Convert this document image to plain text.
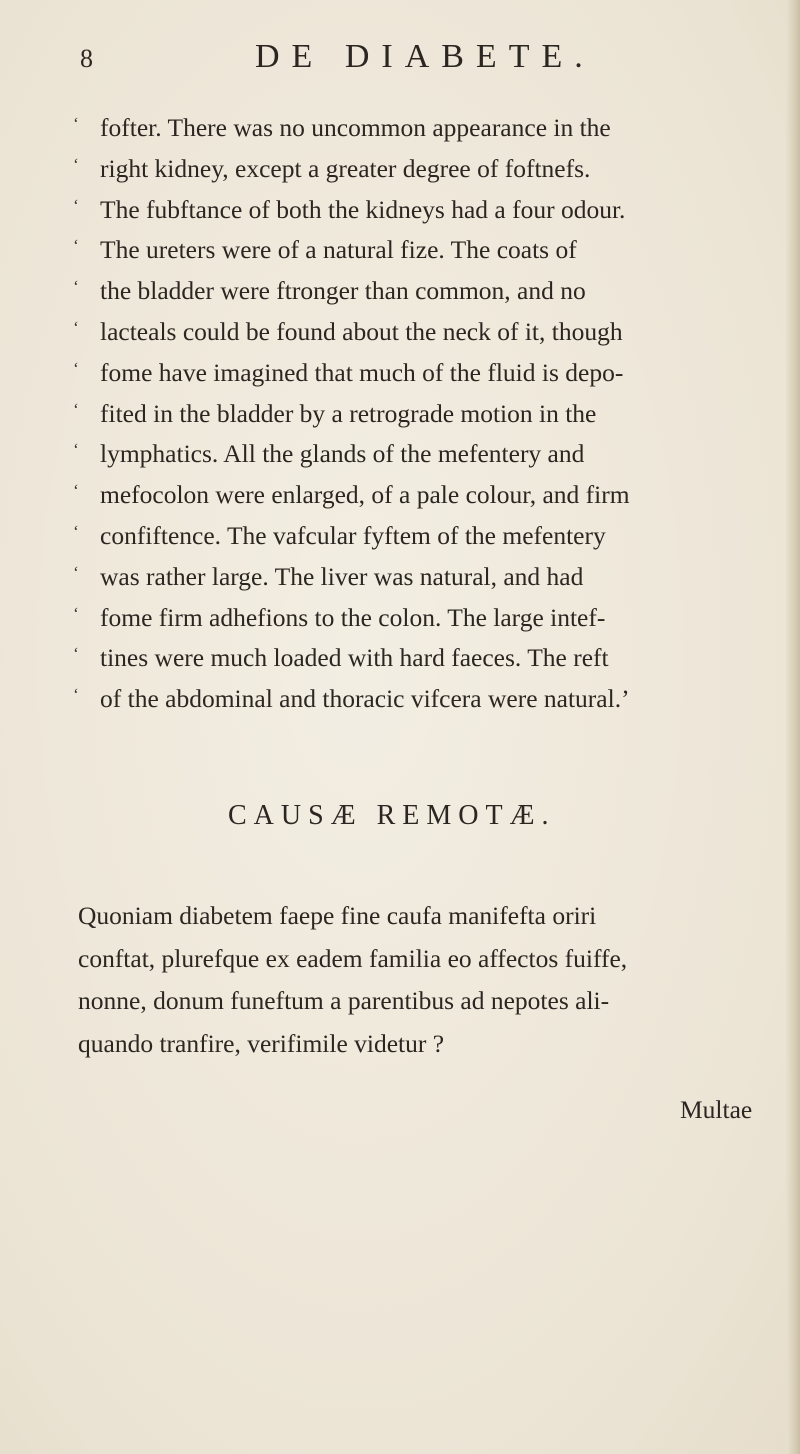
8	DE DIABETE.
‘ fofter. There was no uncommon appearance in the
‘ right kidney, except a greater degree of foftnefs.
‘ The fubftance of both the kidneys had a four odour.
‘ The ureters were of a natural fize. The coats of
‘ the bladder were ftronger than common, and no
‘ lacteals could be found about the neck of it, though
‘ fome have imagined that much of the fluid is depo-
‘ fited in the bladder by a retrograde motion in the
‘ lymphatics. All the glands of the mefentery and
‘ mefocolon were enlarged, of a pale colour, and firm
‘ confiftence. The vafcular fyftem of the mefentery
‘ was rather large. The liver was natural, and had
‘ fome firm adhefions to the colon. The large intef-
‘ tines were much loaded with hard faeces. The reft
‘ of the abdominal and thoracic vifcera were natural.’
CAUSÆ REMOTÆ.
Quoniam diabetem faepe fine caufa manifefta oriri
conftat, plurefque ex eadem familia eo affectos fuiffe,
nonne, donum funeftum a parentibus ad nepotes ali-
quando tranfire, verifimile videtur ?
Multae
